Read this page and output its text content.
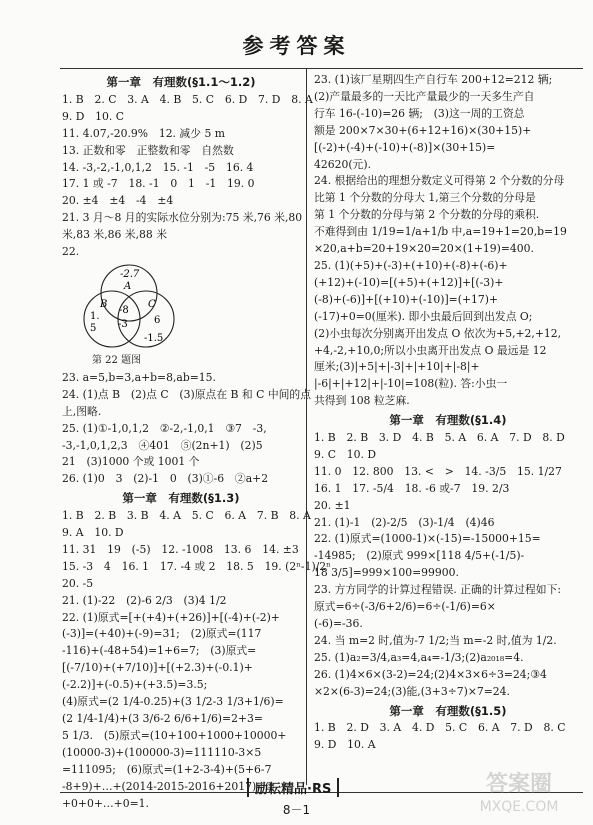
参考答案
第一章　有理数(§1.1～1.2)
1. B　2. C　3. A　4. B　5. C　6. D　7. D　8. A
9. D　10. C
11. 4.07,-20.9%　12. 减少 5 m
13. 正数和零　正整数和零　自然数
14. -3,-2,-1,0,1,2　15. -1　-5　16. 4
17. 1 或 -7　18. -1　0　1　-1　19. 0
20. ±4　±4　-4　±4
21. 3 月～8 月的实际水位分别为:75 米,76 米,80
米,83 米,86 米,88 米
22.
-2.7
A
1.
5
B
-8
-3
C
6
-1.5
第 22 题图
23. a=5,b=3,a+b=8,ab=15.
24. (1)点 B　(2)点 C　(3)原点在 B 和 C 中间的点
上,图略.
25. (1)①-1,0,1,2　②-2,-1,0,1　③7　-3,
-3,-1,0,1,2,3　④401　⑤(2n+1)　(2)5
21　(3)1000 个或 1001 个
26. (1)0　3　(2)-1　0　(3)①-6　②a+2
第一章　有理数(§1.3)
1. B　2. B　3. B　4. A　5. C　6. A　7. B　8. A
9. A　10. D
11. 31　19　(-5)　12. -1008　13. 6　14. ±3
15. -3　4　16. 1　17. -4 或 2　18. 5　19. (2ⁿ-1)/2ⁿ
20. -5
21. (1)-22　(2)-6 2/3　(3)4 1/2
22. (1)原式=[+(+4)+(+26)]+[(-4)+(-2)+
(-3)]=(+40)+(-9)=31;　(2)原式=(117
-116)+(-48+54)=1+6=7;　(3)原式=
[(-7/10)+(+7/10)]+[(+2.3)+(-0.1)+
(-2.2)]+(-0.5)+(+3.5)=3.5;
(4)原式=(2 1/4-0.25)+(3 1/2-3 1/3+1/6)=
(2 1/4-1/4)+(3 3/6-2 6/6+1/6)=2+3=
5 1/3.　(5)原式=(10+100+1000+10000+
(10000-3)+(100000-3)=111110-3×5
=111095;　(6)原式=(1+2-3-4)+(5+6-7
-8+9)+…+(2014-2015-2016+2017)=0
+0+0+…+0=1.
23. (1)该厂星期四生产自行车 200+12=212 辆;
(2)产量最多的一天比产量最少的一天多生产自
行车 16-(-10)=26 辆;　(3)这一周的工资总
额是 200×7×30+(6+12+16)×(30+15)+
[(-2)+(-4)+(-10)+(-8)]×(30+15)=
42620(元).
24. 根据给出的理想分数定义可得第 2 个分数的分母
比第 1 个分数的分母大 1,第三个分数的分母是
第 1 个分数的分母与第 2 个分数的分母的乘积.
不难得到由 1/19=1/a+1/b 中,a=19+1=20,b=19
×20,a+b=20+19×20=20×(1+19)=400.
25. (1)(+5)+(-3)+(+10)+(-8)+(-6)+
(+12)+(-10)=[(+5)+(+12)]+[(-3)+
(-8)+(-6)]+[(+10)+(-10)]=(+17)+
(-17)+0=0(厘米). 即小虫最后回到出发点 O;
(2)小虫每次分别离开出发点 O 依次为+5,+2,+12,
+4,-2,+10,0;所以小虫离开出发点 O 最远是 12
厘米;(3)|+5|+|-3|+|+10|+|-8|+
|-6|+|+12|+|-10|=108(粒). 答:小虫一
共得到 108 粒芝麻.
第一章　有理数(§1.4)
1. B　2. B　3. D　4. B　5. A　6. A　7. D　8. D
9. C　10. D
11. 0　12. 800　13. <　>　14. -3/5　15. 1/27
16. 1　17. -5/4　18. -6 或-7　19. 2/3
20. ±1
21. (1)-1　(2)-2/5　(3)-1/4　(4)46
22. (1)原式=(1000-1)×(-15)=-15000+15=
-14985;　(2)原式 999×[118 4/5+(-1/5)-
18 3/5]=999×100=99900.
23. 方方同学的计算过程错误. 正确的计算过程如下:
原式=6÷(-3/6+2/6)=6÷(-1/6)=6×
(-6)=-36.
24. 当 m=2 时,值为-7 1/2;当 m=-2 时,值为 1/2.
25. (1)a₂=3/4,a₃=4,a₄=-1/3;(2)a₂₀₁₈=4.
26. (1)4×6×(3-2)=24;(2)4×3×6÷3=24;③4
×2×(6-3)=24;(3)能,(3+3÷7)×7=24.
第一章　有理数(§1.5)
1. B　2. D　3. A　4. D　5. C　6. A　7. D　8. C
9. D　10. A
励耘精品·RS
8－1
答案圈
MXQE.COM
